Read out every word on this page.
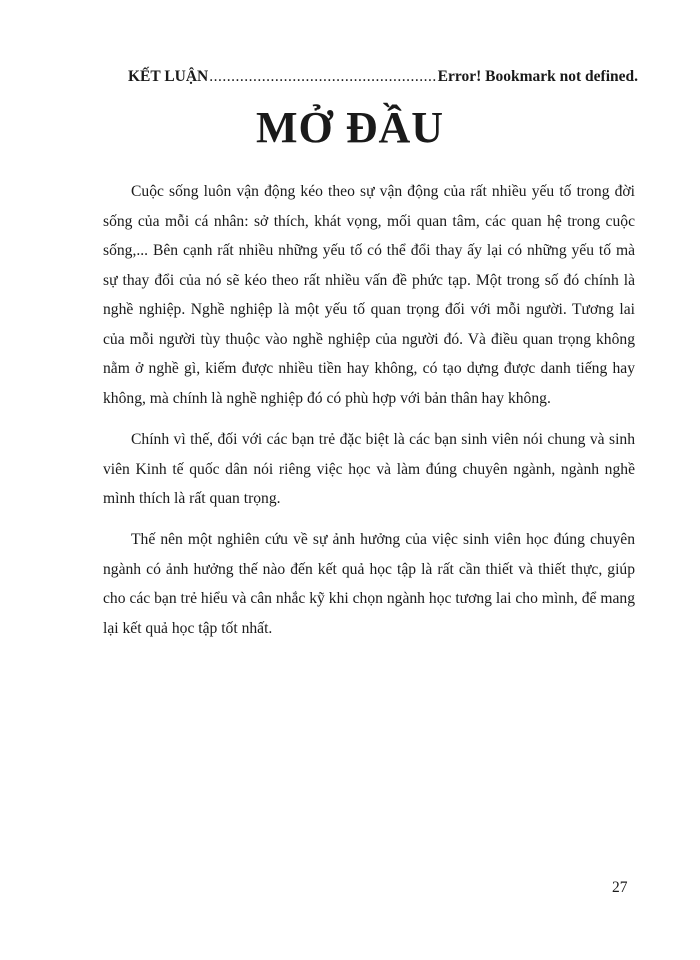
KẾT LUẬN
.....	Error! Bookmark not defined.
MỞ ĐẦU

Cuộc sống luôn vận động kéo theo sự vận động của rất nhiều yếu tố trong đời sống của mỗi cá nhân: sở thích, khát vọng, mối quan tâm, các quan hệ trong cuộc sống,... Bên cạnh rất nhiều những yếu tố có thể đổi thay ấy lại có những yếu tố mà sự thay đổi của nó sẽ kéo theo rất nhiều vấn đề phức tạp. Một trong số đó chính là nghề nghiệp. Nghề nghiệp là một yếu tố quan trọng đối với mỗi người. Tương lai của mỗi người tùy thuộc vào nghề nghiệp của người đó. Và điều quan trọng không nằm ở nghề gì, kiếm được nhiều tiền hay không, có tạo dựng được danh tiếng hay không, mà chính là nghề nghiệp đó có phù hợp với bản thân hay không.

Chính vì thế, đối với các bạn trẻ đặc biệt là các bạn sinh viên nói chung và sinh viên Kinh tế quốc dân nói riêng việc học và làm đúng chuyên ngành, ngành nghề mình thích là rất quan trọng.

Thế nên một nghiên cứu về sự ảnh hưởng của việc sinh viên học đúng chuyên ngành có ảnh hưởng thế nào đến kết quả học tập là rất cần thiết và thiết thực, giúp cho các bạn trẻ hiểu và cân nhắc kỹ khi chọn ngành học tương lai cho mình, để mang lại kết quả học tập tốt nhất.

27
